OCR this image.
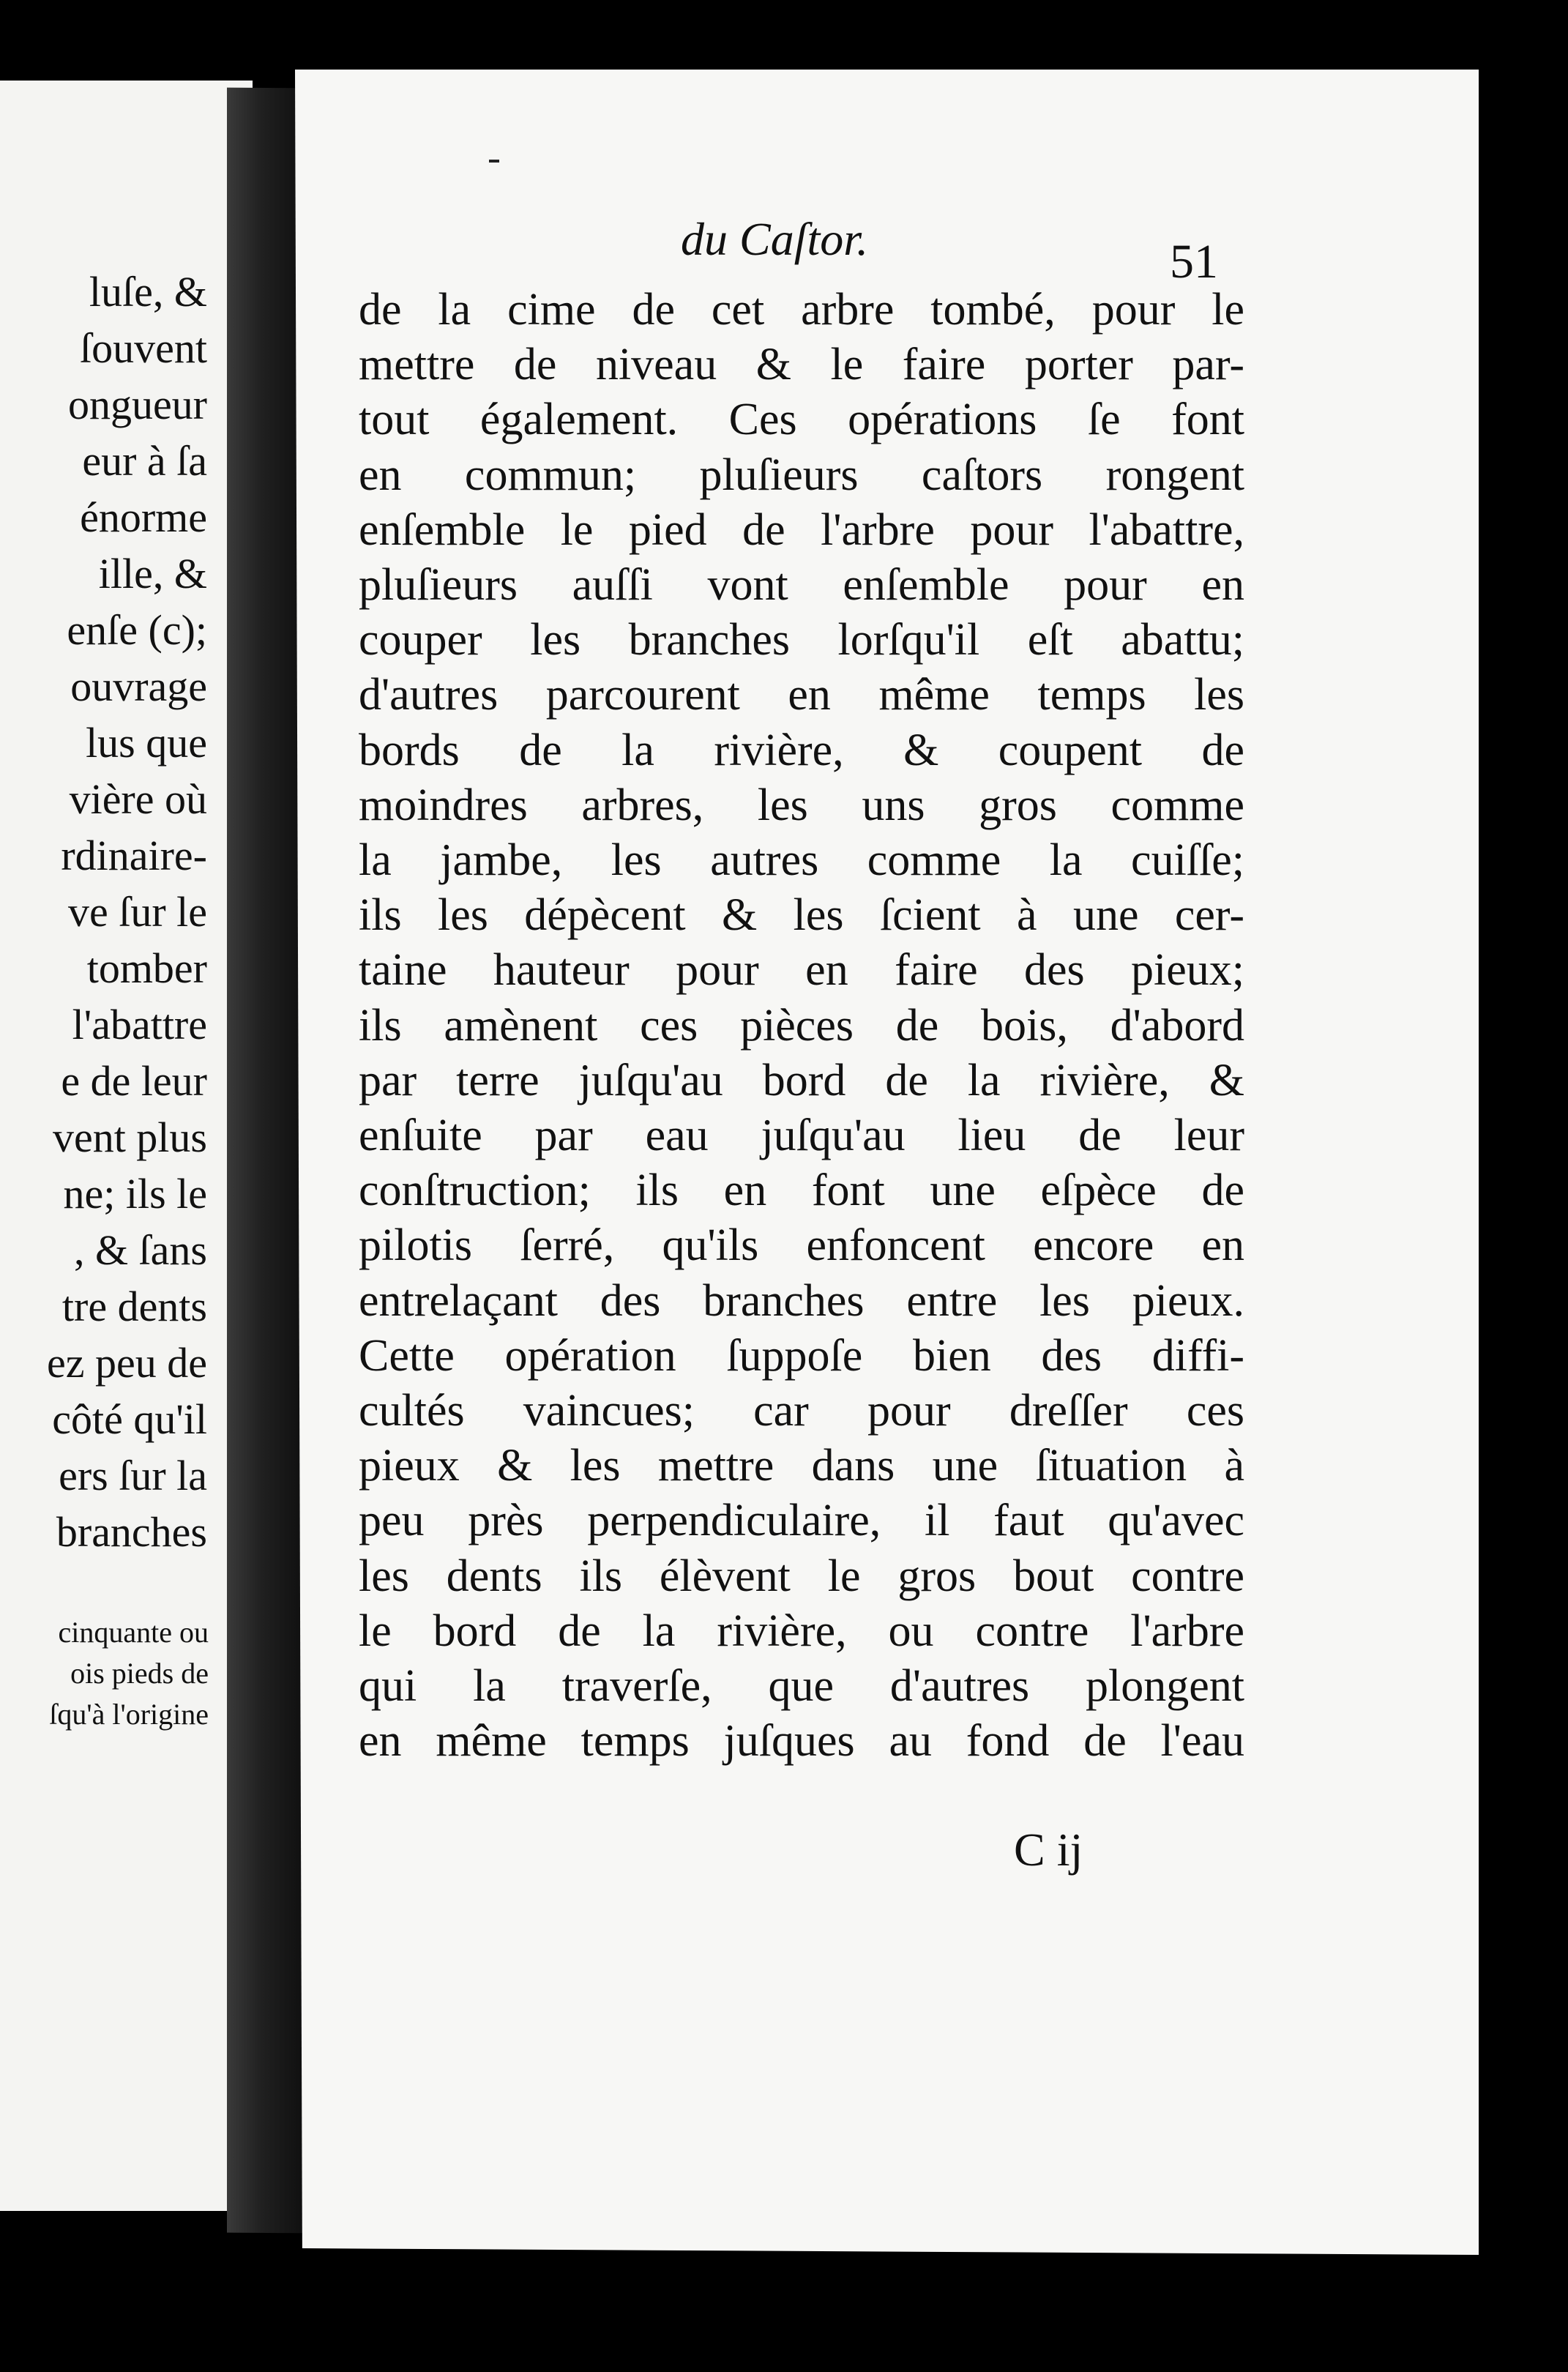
luſe, &
ſouvent
ongueur
eur à ſa
énorme
ille, &
enſe (c);
ouvrage
lus que
vière où
rdinaire-
ve ſur le
tomber
l'abattre
e de leur
vent plus
ne; ils le
, & ſans
tre dents
ez peu de
côté qu'il
ers ſur la
branches
cinquante ou
ois pieds de
ſqu'à l'origine
du Caſtor.	51
de la cime de cet arbre tombé, pour le
mettre de niveau & le faire porter par-
tout également. Ces opérations ſe font
en commun; pluſieurs caſtors rongent
enſemble le pied de l'arbre pour l'abattre,
pluſieurs auſſi vont enſemble pour en
couper les branches lorſqu'il eſt abattu;
d'autres parcourent en même temps les
bords de la rivière, & coupent de
moindres arbres, les uns gros comme
la jambe, les autres comme la cuiſſe;
ils les dépècent & les ſcient à une cer-
taine hauteur pour en faire des pieux;
ils amènent ces pièces de bois, d'abord
par terre juſqu'au bord de la rivière, &
enſuite par eau juſqu'au lieu de leur
conſtruction; ils en font une eſpèce de
pilotis ſerré, qu'ils enfoncent encore en
entrelaçant des branches entre les pieux.
Cette opération ſuppoſe bien des diffi-
cultés vaincues; car pour dreſſer ces
pieux & les mettre dans une ſituation à
peu près perpendiculaire, il faut qu'avec
les dents ils élèvent le gros bout contre
le bord de la rivière, ou contre l'arbre
qui la traverſe, que d'autres plongent
en même temps juſques au fond de l'eau
C ij
